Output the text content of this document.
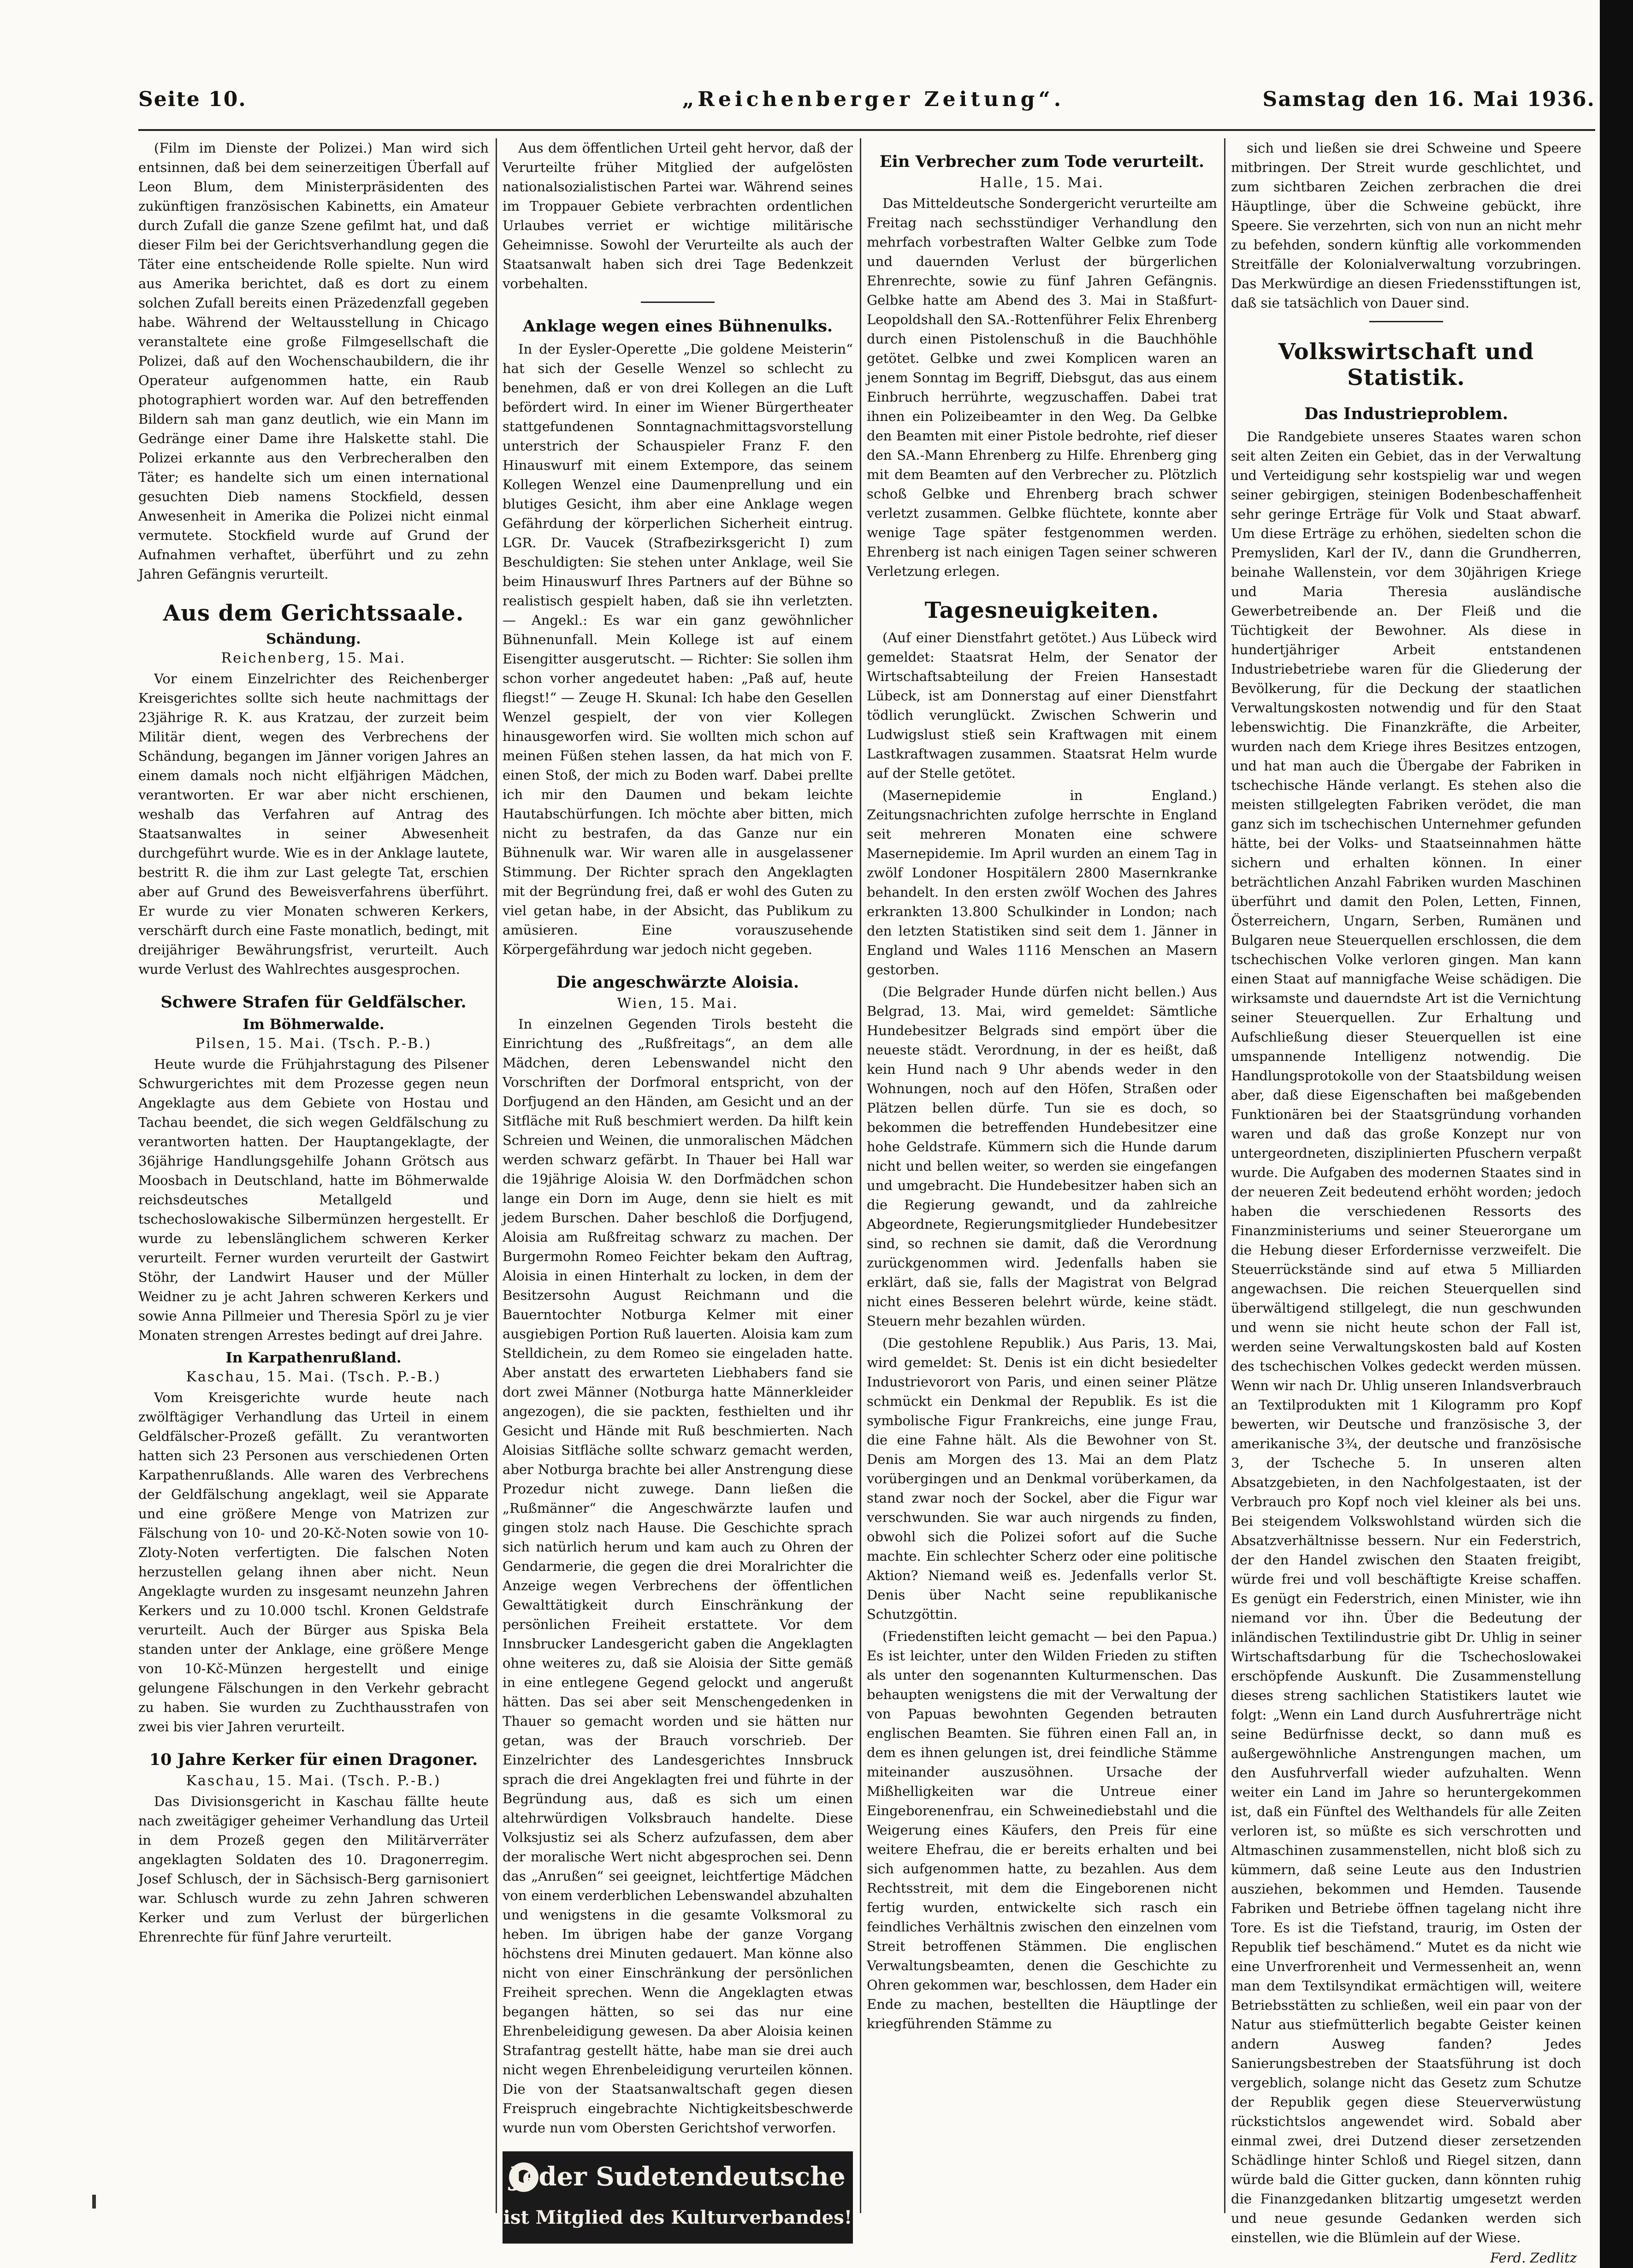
Seite 10.	„Reichenberger Zeitung“.	Samstag den 16. Mai 1936.

(Film im Dienste der Polizei.) Man wird sich entsinnen, daß bei dem seinerzeitigen Überfall auf Leon Blum, dem Ministerpräsidenten des zukünftigen französischen Kabinetts, ein Amateur durch Zufall die ganze Szene gefilmt hat, und daß dieser Film bei der Gerichtsverhandlung gegen die Täter eine entscheidende Rolle spielte. Nun wird aus Amerika berichtet, daß es dort zu einem solchen Zufall bereits einen Präzedenzfall gegeben habe. Während der Weltausstellung in Chicago veranstaltete eine große Filmgesellschaft die Polizei, daß auf den Wochenschaubildern, die ihr Operateur aufgenommen hatte, ein Raub photographiert worden war. Auf den betreffenden Bildern sah man ganz deutlich, wie ein Mann im Gedränge einer Dame ihre Halskette stahl. Die Polizei erkannte aus den Verbrecheralben den Täter; es handelte sich um einen international gesuchten Dieb namens Stockfield, dessen Anwesenheit in Amerika die Polizei nicht einmal vermutete. Stockfield wurde auf Grund der Aufnahmen verhaftet, überführt und zu zehn Jahren Gefängnis verurteilt.

Aus dem Gerichtssaale.
Schändung.
Reichenberg, 15. Mai.

Vor einem Einzelrichter des Reichenberger Kreisgerichtes sollte sich heute nachmittags der 23jährige R. K. aus Kratzau, der zurzeit beim Militär dient, wegen des Verbrechens der Schändung, begangen im Jänner vorigen Jahres an einem damals noch nicht elfjährigen Mädchen, verantworten. Er war aber nicht erschienen, weshalb das Verfahren auf Antrag des Staatsanwaltes in seiner Abwesenheit durchgeführt wurde. Wie es in der Anklage lautete, bestritt R. die ihm zur Last gelegte Tat, erschien aber auf Grund des Beweisverfahrens überführt. Er wurde zu vier Monaten schweren Kerkers, verschärft durch eine Faste monatlich, bedingt, mit dreijähriger Bewährungsfrist, verurteilt. Auch wurde Verlust des Wahlrechtes ausgesprochen.

Schwere Strafen für Geldfälscher.
Im Böhmerwalde.
Pilsen, 15. Mai. (Tsch. P.-B.)

Heute wurde die Frühjahrstagung des Pilsener Schwurgerichtes mit dem Prozesse gegen neun Angeklagte aus dem Gebiete von Hostau und Tachau beendet, die sich wegen Geldfälschung zu verantworten hatten. Der Hauptangeklagte, der 36jährige Handlungsgehilfe Johann Grötsch aus Moosbach in Deutschland, hatte im Böhmerwalde reichsdeutsches Metallgeld und tschechoslowakische Silbermünzen hergestellt. Er wurde zu lebenslänglichem schweren Kerker verurteilt. Ferner wurden verurteilt der Gastwirt Stöhr, der Landwirt Hauser und der Müller Weidner zu je acht Jahren schweren Kerkers und sowie Anna Pillmeier und Theresia Spörl zu je vier Monaten strengen Arrestes bedingt auf drei Jahre.

In Karpathenrußland.
Kaschau, 15. Mai. (Tsch. P.-B.)

Vom Kreisgerichte wurde heute nach zwölftägiger Verhandlung das Urteil in einem Geldfälscher-Prozeß gefällt. Zu verantworten hatten sich 23 Personen aus verschiedenen Orten Karpathenrußlands. Alle waren des Verbrechens der Geldfälschung angeklagt, weil sie Apparate und eine größere Menge von Matrizen zur Fälschung von 10- und 20-Kč-Noten sowie von 10-Zloty-Noten verfertigten. Die falschen Noten herzustellen gelang ihnen aber nicht. Neun Angeklagte wurden zu insgesamt neunzehn Jahren Kerkers und zu 10.000 tschl. Kronen Geldstrafe verurteilt. Auch der Bürger aus Spiska Bela standen unter der Anklage, eine größere Menge von 10-Kč-Münzen hergestellt und einige gelungene Fälschungen in den Verkehr gebracht zu haben. Sie wurden zu Zuchthausstrafen von zwei bis vier Jahren verurteilt.

10 Jahre Kerker für einen Dragoner.
Kaschau, 15. Mai. (Tsch. P.-B.)

Das Divisionsgericht in Kaschau fällte heute nach zweitägiger geheimer Verhandlung das Urteil in dem Prozeß gegen den Militärverräter angeklagten Soldaten des 10. Dragonerregim. Josef Schlusch, der in Sächsisch-Berg garnisoniert war. Schlusch wurde zu zehn Jahren schweren Kerker und zum Verlust der bürgerlichen Ehrenrechte für fünf Jahre verurteilt.

Aus dem öffentlichen Urteil geht hervor, daß der Verurteilte früher Mitglied der aufgelösten nationalsozialistischen Partei war. Während seines im Troppauer Gebiete verbrachten ordentlichen Urlaubes verriet er wichtige militärische Geheimnisse. Sowohl der Verurteilte als auch der Staatsanwalt haben sich drei Tage Bedenkzeit vorbehalten.

Anklage wegen eines Bühnenulks.

In der Eysler-Operette „Die goldene Meisterin“ hat sich der Geselle Wenzel so schlecht zu benehmen, daß er von drei Kollegen an die Luft befördert wird. In einer im Wiener Bürgertheater stattgefundenen Sonntagnachmittagsvorstellung unterstrich der Schauspieler Franz F. den Hinauswurf mit einem Extempore, das seinem Kollegen Wenzel eine Daumenprellung und ein blutiges Gesicht, ihm aber eine Anklage wegen Gefährdung der körperlichen Sicherheit eintrug. LGR. Dr. Vaucek (Strafbezirksgericht I) zum Beschuldigten: Sie stehen unter Anklage, weil Sie beim Hinauswurf Ihres Partners auf der Bühne so realistisch gespielt haben, daß sie ihn verletzten. — Angekl.: Es war ein ganz gewöhnlicher Bühnenunfall. Mein Kollege ist auf einem Eisengitter ausgerutscht. — Richter: Sie sollen ihm schon vorher angedeutet haben: „Paß auf, heute fliegst!“ — Zeuge H. Skunal: Ich habe den Gesellen Wenzel gespielt, der von vier Kollegen hinausgeworfen wird. Sie wollten mich schon auf meinen Füßen stehen lassen, da hat mich von F. einen Stoß, der mich zu Boden warf. Dabei prellte ich mir den Daumen und bekam leichte Hautabschürfungen. Ich möchte aber bitten, mich nicht zu bestrafen, da das Ganze nur ein Bühnenulk war. Wir waren alle in ausgelassener Stimmung. Der Richter sprach den Angeklagten mit der Begründung frei, daß er wohl des Guten zu viel getan habe, in der Absicht, das Publikum zu amüsieren. Eine vorauszusehende Körpergefährdung war jedoch nicht gegeben.

Die angeschwärzte Aloisia.
Wien, 15. Mai.

In einzelnen Gegenden Tirols besteht die Einrichtung des „Rußfreitags“, an dem alle Mädchen, deren Lebenswandel nicht den Vorschriften der Dorfmoral entspricht, von der Dorfjugend an den Händen, am Gesicht und an der Sitfläche mit Ruß beschmiert werden. Da hilft kein Schreien und Weinen, die unmoralischen Mädchen werden schwarz gefärbt. In Thauer bei Hall war die 19jährige Aloisia W. den Dorfmädchen schon lange ein Dorn im Auge, denn sie hielt es mit jedem Burschen. Daher beschloß die Dorfjugend, Aloisia am Rußfreitag schwarz zu machen. Der Burgermohn Romeo Feichter bekam den Auftrag, Aloisia in einen Hinterhalt zu locken, in dem der Besitzersohn August Reichmann und die Bauerntochter Notburga Kelmer mit einer ausgiebigen Portion Ruß lauerten. Aloisia kam zum Stelldichein, zu dem Romeo sie eingeladen hatte. Aber anstatt des erwarteten Liebhabers fand sie dort zwei Männer (Notburga hatte Männerkleider angezogen), die sie packten, festhielten und ihr Gesicht und Hände mit Ruß beschmierten. Nach Aloisias Sitfläche sollte schwarz gemacht werden, aber Notburga brachte bei aller Anstrengung diese Prozedur nicht zuwege. Dann ließen die „Rußmänner“ die Angeschwärzte laufen und gingen stolz nach Hause. Die Geschichte sprach sich natürlich herum und kam auch zu Ohren der Gendarmerie, die gegen die drei Moralrichter die Anzeige wegen Verbrechens der öffentlichen Gewalttätigkeit durch Einschränkung der persönlichen Freiheit erstattete. Vor dem Innsbrucker Landesgericht gaben die Angeklagten ohne weiteres zu, daß sie Aloisia der Sitte gemäß in eine entlegene Gegend gelockt und angerußt hätten. Das sei aber seit Menschengedenken in Thauer so gemacht worden und sie hätten nur getan, was der Brauch vorschrieb. Der Einzelrichter des Landesgerichtes Innsbruck sprach die drei Angeklagten frei und führte in der Begründung aus, daß es sich um einen altehrwürdigen Volksbrauch handelte. Diese Volksjustiz sei als Scherz aufzufassen, dem aber der moralische Wert nicht abgesprochen sei. Denn das „Anrußen“ sei geeignet, leichtfertige Mädchen von einem verderblichen Lebenswandel abzuhalten und wenigstens in die gesamte Volksmoral zu heben. Im übrigen habe der ganze Vorgang höchstens drei Minuten gedauert. Man könne also nicht von einer Einschränkung der persönlichen Freiheit sprechen. Wenn die Angeklagten etwas begangen hätten, so sei das nur eine Ehrenbeleidigung gewesen. Da aber Aloisia keinen Strafantrag gestellt hätte, habe man sie drei auch nicht wegen Ehrenbeleidigung verurteilen können. Die von der Staatsanwaltschaft gegen diesen Freispruch eingebrachte Nichtigkeitsbeschwerde wurde nun vom Obersten Gerichtshof verworfen.

Jeder Sudetendeutsche
ist Mitglied des Kulturverbandes!
Ein Verbrecher zum Tode verurteilt.
Halle, 15. Mai.

Das Mitteldeutsche Sondergericht verurteilte am Freitag nach sechsstündiger Verhandlung den mehrfach vorbestraften Walter Gelbke zum Tode und dauernden Verlust der bürgerlichen Ehrenrechte, sowie zu fünf Jahren Gefängnis. Gelbke hatte am Abend des 3. Mai in Staßfurt-Leopoldshall den SA.-Rottenführer Felix Ehrenberg durch einen Pistolenschuß in die Bauchhöhle getötet. Gelbke und zwei Komplicen waren an jenem Sonntag im Begriff, Diebsgut, das aus einem Einbruch herrührte, wegzuschaffen. Dabei trat ihnen ein Polizeibeamter in den Weg. Da Gelbke den Beamten mit einer Pistole bedrohte, rief dieser den SA.-Mann Ehrenberg zu Hilfe. Ehrenberg ging mit dem Beamten auf den Verbrecher zu. Plötzlich schoß Gelbke und Ehrenberg brach schwer verletzt zusammen. Gelbke flüchtete, konnte aber wenige Tage später festgenommen werden. Ehrenberg ist nach einigen Tagen seiner schweren Verletzung erlegen.

Tagesneuigkeiten.

(Auf einer Dienstfahrt getötet.) Aus Lübeck wird gemeldet: Staatsrat Helm, der Senator der Wirtschaftsabteilung der Freien Hansestadt Lübeck, ist am Donnerstag auf einer Dienstfahrt tödlich verunglückt. Zwischen Schwerin und Ludwigslust stieß sein Kraftwagen mit einem Lastkraftwagen zusammen. Staatsrat Helm wurde auf der Stelle getötet.

(Masernepidemie in England.) Zeitungsnachrichten zufolge herrschte in England seit mehreren Monaten eine schwere Masernepidemie. Im April wurden an einem Tag in zwölf Londoner Hospitälern 2800 Masernkranke behandelt. In den ersten zwölf Wochen des Jahres erkrankten 13.800 Schulkinder in London; nach den letzten Statistiken sind seit dem 1. Jänner in England und Wales 1116 Menschen an Masern gestorben.

(Die Belgrader Hunde dürfen nicht bellen.) Aus Belgrad, 13. Mai, wird gemeldet: Sämtliche Hundebesitzer Belgrads sind empört über die neueste städt. Verordnung, in der es heißt, daß kein Hund nach 9 Uhr abends weder in den Wohnungen, noch auf den Höfen, Straßen oder Plätzen bellen dürfe. Tun sie es doch, so bekommen die betreffenden Hundebesitzer eine hohe Geldstrafe. Kümmern sich die Hunde darum nicht und bellen weiter, so werden sie eingefangen und umgebracht. Die Hundebesitzer haben sich an die Regierung gewandt, und da zahlreiche Abgeordnete, Regierungsmitglieder Hundebesitzer sind, so rechnen sie damit, daß die Verordnung zurückgenommen wird. Jedenfalls haben sie erklärt, daß sie, falls der Magistrat von Belgrad nicht eines Besseren belehrt würde, keine städt. Steuern mehr bezahlen würden.

(Die gestohlene Republik.) Aus Paris, 13. Mai, wird gemeldet: St. Denis ist ein dicht besiedelter Industrievorort von Paris, und einen seiner Plätze schmückt ein Denkmal der Republik. Es ist die symbolische Figur Frankreichs, eine junge Frau, die eine Fahne hält. Als die Bewohner von St. Denis am Morgen des 13. Mai an dem Platz vorübergingen und an Denkmal vorüberkamen, da stand zwar noch der Sockel, aber die Figur war verschwunden. Sie war auch nirgends zu finden, obwohl sich die Polizei sofort auf die Suche machte. Ein schlechter Scherz oder eine politische Aktion? Niemand weiß es. Jedenfalls verlor St. Denis über Nacht seine republikanische Schutzgöttin.

(Friedenstiften leicht gemacht — bei den Papua.) Es ist leichter, unter den Wilden Frieden zu stiften als unter den sogenannten Kulturmenschen. Das behaupten wenigstens die mit der Verwaltung der von Papuas bewohnten Gegenden betrauten englischen Beamten. Sie führen einen Fall an, in dem es ihnen gelungen ist, drei feindliche Stämme miteinander auszusöhnen. Ursache der Mißhelligkeiten war die Untreue einer Eingeborenenfrau, ein Schweinediebstahl und die Weigerung eines Käufers, den Preis für eine weitere Ehefrau, die er bereits erhalten und bei sich aufgenommen hatte, zu bezahlen. Aus dem Rechtsstreit, mit dem die Eingeborenen nicht fertig wurden, entwickelte sich rasch ein feindliches Verhältnis zwischen den einzelnen vom Streit betroffenen Stämmen. Die englischen Verwaltungsbeamten, denen die Geschichte zu Ohren gekommen war, beschlossen, dem Hader ein Ende zu machen, bestellten die Häuptlinge der kriegführenden Stämme zu

sich und ließen sie drei Schweine und Speere mitbringen. Der Streit wurde geschlichtet, und zum sichtbaren Zeichen zerbrachen die drei Häuptlinge, über die Schweine gebückt, ihre Speere. Sie verzehrten, sich von nun an nicht mehr zu befehden, sondern künftig alle vorkommenden Streitfälle der Kolonialverwaltung vorzubringen. Das Merkwürdige an diesen Friedensstiftungen ist, daß sie tatsächlich von Dauer sind.

Volkswirtschaft und Statistik.
Das Industrieproblem.

Die Randgebiete unseres Staates waren schon seit alten Zeiten ein Gebiet, das in der Verwaltung und Verteidigung sehr kostspielig war und wegen seiner gebirgigen, steinigen Bodenbeschaffenheit sehr geringe Erträge für Volk und Staat abwarf. Um diese Erträge zu erhöhen, siedelten schon die Premysliden, Karl der IV., dann die Grundherren, beinahe Wallenstein, vor dem 30jährigen Kriege und Maria Theresia ausländische Gewerbetreibende an. Der Fleiß und die Tüchtigkeit der Bewohner. Als diese in hundertjähriger Arbeit entstandenen Industriebetriebe waren für die Gliederung der Bevölkerung, für die Deckung der staatlichen Verwaltungskosten notwendig und für den Staat lebenswichtig. Die Finanzkräfte, die Arbeiter, wurden nach dem Kriege ihres Besitzes entzogen, und hat man auch die Übergabe der Fabriken in tschechische Hände verlangt. Es stehen also die meisten stillgelegten Fabriken verödet, die man ganz sich im tschechischen Unternehmer gefunden hätte, bei der Volks- und Staatseinnahmen hätte sichern und erhalten können. In einer beträchtlichen Anzahl Fabriken wurden Maschinen überführt und damit den Polen, Letten, Finnen, Österreichern, Ungarn, Serben, Rumänen und Bulgaren neue Steuerquellen erschlossen, die dem tschechischen Volke verloren gingen. Man kann einen Staat auf mannigfache Weise schädigen. Die wirksamste und dauerndste Art ist die Vernichtung seiner Steuerquellen. Zur Erhaltung und Aufschließung dieser Steuerquellen ist eine umspannende Intelligenz notwendig. Die Handlungsprotokolle von der Staatsbildung weisen aber, daß diese Eigenschaften bei maßgebenden Funktionären bei der Staatsgründung vorhanden waren und daß das große Konzept nur von untergeordneten, disziplinierten Pfuschern verpaßt wurde. Die Aufgaben des modernen Staates sind in der neueren Zeit bedeutend erhöht worden; jedoch haben die verschiedenen Ressorts des Finanzministeriums und seiner Steuerorgane um die Hebung dieser Erfordernisse verzweifelt. Die Steuerrückstände sind auf etwa 5 Milliarden angewachsen. Die reichen Steuerquellen sind überwältigend stillgelegt, die nun geschwunden und wenn sie nicht heute schon der Fall ist, werden seine Verwaltungskosten bald auf Kosten des tschechischen Volkes gedeckt werden müssen. Wenn wir nach Dr. Uhlig unseren Inlandsverbrauch an Textilprodukten mit 1 Kilogramm pro Kopf bewerten, wir Deutsche und französische 3, der amerikanische 3¾, der deutsche und französische 3, der Tscheche 5. In unseren alten Absatzgebieten, in den Nachfolgestaaten, ist der Verbrauch pro Kopf noch viel kleiner als bei uns. Bei steigendem Volkswohlstand würden sich die Absatzverhältnisse bessern. Nur ein Federstrich, der den Handel zwischen den Staaten freigibt, würde frei und voll beschäftigte Kreise schaffen. Es genügt ein Federstrich, einen Minister, wie ihn niemand vor ihn. Über die Bedeutung der inländischen Textilindustrie gibt Dr. Uhlig in seiner Wirtschaftsdarbung für die Tschechoslowakei erschöpfende Auskunft. Die Zusammenstellung dieses streng sachlichen Statistikers lautet wie folgt: „Wenn ein Land durch Ausfuhrerträge nicht seine Bedürfnisse deckt, so dann muß es außergewöhnliche Anstrengungen machen, um den Ausfuhrverfall wieder aufzuhalten. Wenn weiter ein Land im Jahre so heruntergekommen ist, daß ein Fünftel des Welthandels für alle Zeiten verloren ist, so müßte es sich verschrotten und Altmaschinen zusammenstellen, nicht bloß sich zu kümmern, daß seine Leute aus den Industrien ausziehen, bekommen und Hemden. Tausende Fabriken und Betriebe öffnen tagelang nicht ihre Tore. Es ist die Tiefstand, traurig, im Osten der Republik tief beschämend.“ Mutet es da nicht wie eine Unverfrorenheit und Vermessenheit an, wenn man dem Textilsyndikat ermächtigen will, weitere Betriebsstätten zu schließen, weil ein paar von der Natur aus stiefmütterlich begabte Geister keinen andern Ausweg fanden? Jedes Sanierungsbestreben der Staatsführung ist doch vergeblich, solange nicht das Gesetz zum Schutze der Republik gegen diese Steuerverwüstung rückstichtslos angewendet wird. Sobald aber einmal zwei, drei Dutzend dieser zersetzenden Schädlinge hinter Schloß und Riegel sitzen, dann würde bald die Gitter gucken, dann könnten ruhig die Finanzgedanken blitzartig umgesetzt werden und neue gesunde Gedanken werden sich einstellen, wie die Blümlein auf der Wiese.

Ferd. Zedlitz
